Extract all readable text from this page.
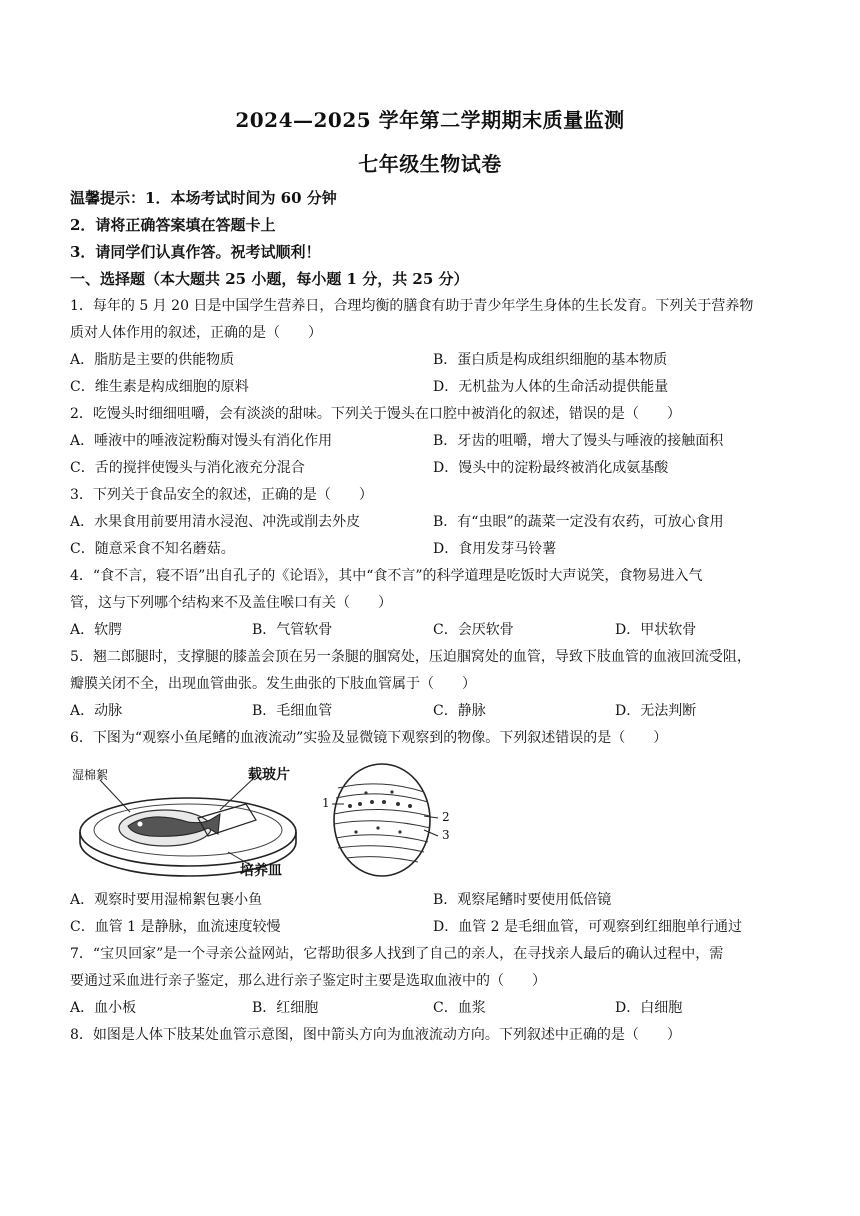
2024—2025 学年第二学期期末质量监测
七年级生物试卷
温馨提示：1．本场考试时间为 60 分钟
2．请将正确答案填在答题卡上
3．请同学们认真作答。祝考试顺利！
一、选择题（本大题共 25 小题，每小题 1 分，共 25 分）
1．每年的 5 月 20 日是中国学生营养日，合理均衡的膳食有助于青少年学生身体的生长发育。下列关于营养物
质对人体作用的叙述，正确的是（　　）
A．脂肪是主要的供能物质	B．蛋白质是构成组织细胞的基本物质
C．维生素是构成细胞的原料	D．无机盐为人体的生命活动提供能量
2．吃馒头时细细咀嚼，会有淡淡的甜味。下列关于馒头在口腔中被消化的叙述，错误的是（　　）
A．唾液中的唾液淀粉酶对馒头有消化作用	B．牙齿的咀嚼，增大了馒头与唾液的接触面积
C．舌的搅拌使馒头与消化液充分混合	D．馒头中的淀粉最终被消化成氨基酸
3．下列关于食品安全的叙述，正确的是（　　）
A．水果食用前要用清水浸泡、冲洗或削去外皮	B．有“虫眼”的蔬菜一定没有农药，可放心食用
C．随意采食不知名蘑菇。	D．食用发芽马铃薯
4．“食不言，寝不语”出自孔子的《论语》，其中“食不言”的科学道理是吃饭时大声说笑，食物易进入气
管，这与下列哪个结构来不及盖住喉口有关（　　）
A．软腭	B．气管软骨	C．会厌软骨	D．甲状软骨
5．翘二郎腿时，支撑腿的膝盖会顶在另一条腿的腘窝处，压迫腘窝处的血管，导致下肢血管的血液回流受阻，
瓣膜关闭不全，出现血管曲张。发生曲张的下肢血管属于（　　）
A．动脉	B．毛细血管	C．静脉	D．无法判断
6．下图为“观察小鱼尾鳍的血液流动”实验及显微镜下观察到的物像。下列叙述错误的是（　　）
湿棉絮	载玻片
培养皿
1
2
3
A．观察时要用湿棉絮包裹小鱼	B．观察尾鳍时要使用低倍镜
C．血管 1 是静脉，血流速度较慢	D．血管 2 是毛细血管，可观察到红细胞单行通过
7．“宝贝回家”是一个寻亲公益网站，它帮助很多人找到了自己的亲人，在寻找亲人最后的确认过程中，需
要通过采血进行亲子鉴定，那么进行亲子鉴定时主要是选取血液中的（　　）
A．血小板	B．红细胞	C．血浆	D．白细胞
8．如图是人体下肢某处血管示意图，图中箭头方向为血液流动方向。下列叙述中正确的是（　　）
